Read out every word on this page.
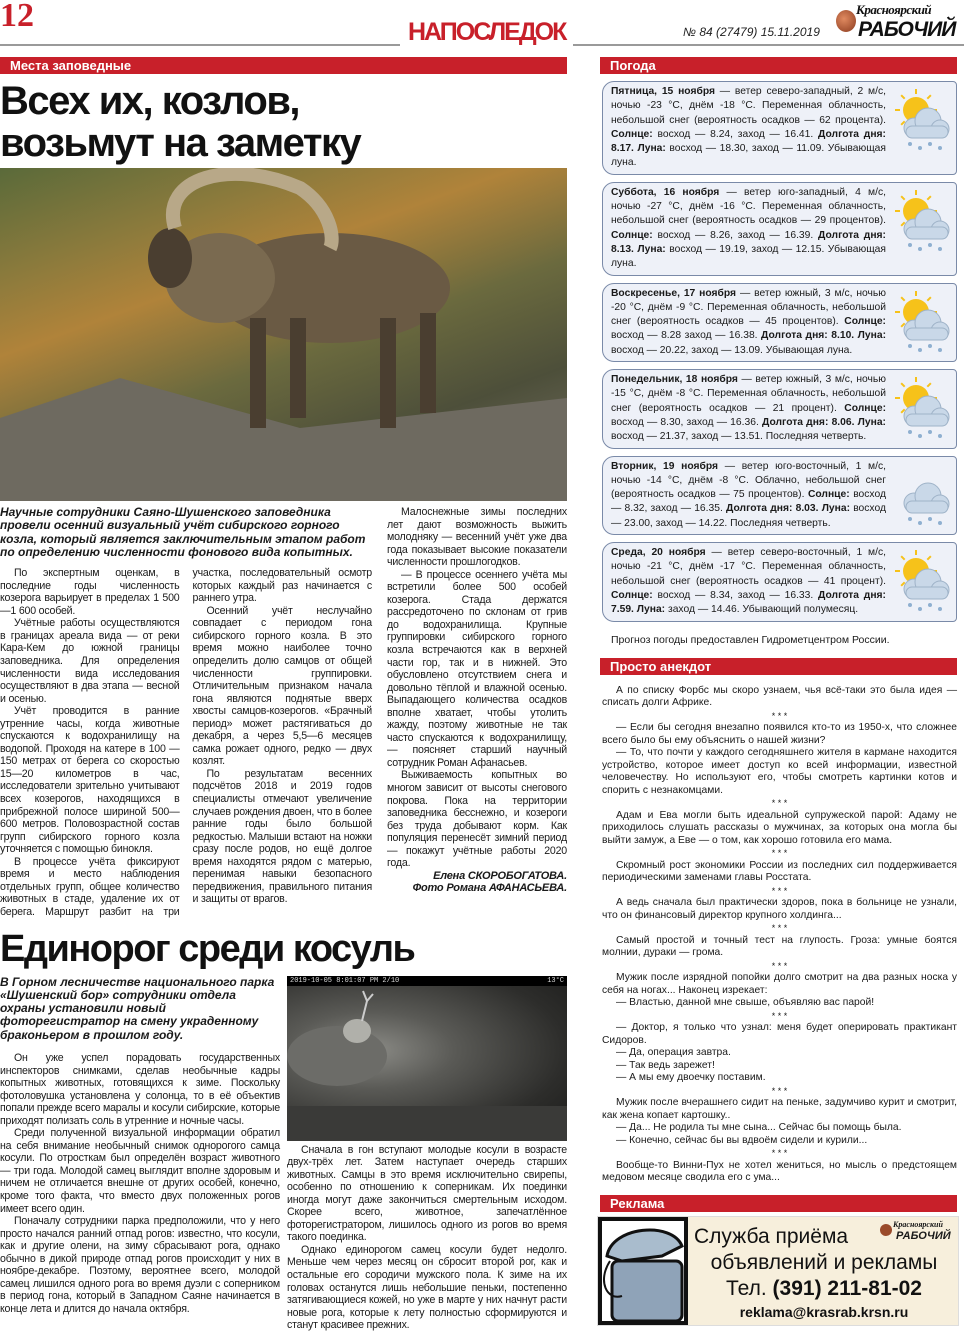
12	НАПОСЛЕДОК	№ 84 (27479) 15.11.2019
Красноярский
РАБОЧИЙ
Места заповедные
Всех их, козлов,
возьмут на заметку
Научные сотрудники Саяно-Шушенского заповедника провели осенний визуальный учёт сибирского горного козла, который является заключительным этапом работ по определению численности фонового вида копытных.

По экспертным оценкам, в последние годы численность козерога варьирует в пределах 1 500—1 600 особей.

Учётные работы осуществляются в границах ареала вида — от реки Кара-Кем до южной границы заповедника. Для определения численности вида исследования осуществляют в два этапа — весной и осенью.

Учёт проводится в ранние утренние часы, когда животные спускаются к водохранилищу на водопой. Проходя на катере в 100 —150 метрах от берега со скоростью 15—20 километров в час, исследователи зрительно учитывают всех козерогов, находящихся в прибрежной полосе шириной 500—600 метров. Половозрастной состав групп сибирского горного козла уточняется с помощью бинокля.

В процессе учёта фиксируют время и место наблюдения отдельных групп, общее количество животных в стаде, удаление их от берега. Маршрут разбит на три участка, последовательный осмотр которых каждый раз начинается с раннего утра.

Осенний учёт неслучайно совпадает с периодом гона сибирского горного козла. В это время можно наиболее точно определить долю самцов от общей численности группировки. Отличительным признаком начала гона являются поднятые вверх хвосты самцов-козерогов. «Брачный период» может растягиваться до декабря, а через 5,5—6 месяцев самка рожает одного, редко — двух козлят.

По результатам весенних подсчётов 2018 и 2019 годов специалисты отмечают увеличение случаев рождения двоен, что в более ранние годы было большой редкостью. Малыши встают на ножки сразу после родов, но ещё долгое время находятся рядом с матерью, перенимая навыки безопасного передвижения, правильного питания и защиты от врагов.

Малоснежные зимы последних лет дают возможность выжить молодняку — весенний учёт уже два года показывает высокие показатели численности прошлогодков.

— В процессе осеннего учёта мы встретили более 500 особей козерога. Стада держатся рассредоточено по склонам от грив до водохранилища. Крупные группировки сибирского горного козла встречаются как в верхней части гор, так и в нижней. Это обусловлено отсутствием снега и довольно тёплой и влажной осенью. Выпадающего количества осадков вполне хватает, чтобы утолить жажду, поэтому животные не так часто спускаются к водохранилищу,— поясняет старший научный сотрудник Роман Афанасьев.

Выживаемость копытных во многом зависит от высоты снегового покрова. Пока на территории заповедника бесснежно, и козероги без труда добывают корм. Как популяция перенесёт зимний период — покажут учётные работы 2020 года.

Елена СКОРОБОГАТОВА.
Фото Романа АФАНАСЬЕВА.
Единорог среди косуль
В Горном лесничестве национального парка «Шушенский бор» сотрудники отдела охраны установили новый фоторегистратор на смену украденному браконьером в прошлом году.

Он уже успел порадовать государственных инспекторов снимками, сделав необычные кадры копытных животных, готовящихся к зиме. Поскольку фотоловушка установлена у солонца, то в её объектив попали прежде всего маралы и косули сибирские, которые приходят полизать соль в утренние и ночные часы.

Среди полученной визуальной информации обратил на себя внимание необычный снимок однорогого самца косули. По отросткам был определён возраст животного — три года. Молодой самец выглядит вполне здоровым и ничем не отличается внешне от других особей, конечно, кроме того факта, что вместо двух положенных рогов имеет всего один.

Поначалу сотрудники парка предположили, что у него просто начался ранний отпад рогов: известно, что косули, как и другие олени, на зиму сбрасывают рога, однако обычно в дикой природе отпад рогов происходит у них в ноябре-декабре. Поэтому, вероятнее всего, молодой самец лишился одного рога во время дуэли с соперником в период гона, который в Западном Саяне начинается в конце лета и длится до начала октября.

2019-10-05 8:01:07 PM 2/10	13°C

Сначала в гон вступают молодые косули в возрасте двух-трёх лет. Затем наступает очередь старших животных. Самцы в это время исключительно свирепы, особенно по отношению к соперникам. Их поединки иногда могут даже закончиться смертельным исходом. Скорее всего, животное, запечатлённое фоторегистратором, лишилось одного из рогов во время такого поединка.

Однако единорогом самец косули будет недолго. Меньше чем через месяц он сбросит второй рог, как и остальные его сородичи мужского пола. К зиме на их головах останутся лишь небольшие пеньки, постепенно затягивающиеся кожей, но уже в марте у них начнут расти новые рога, которые к лету полностью сформируются и станут красивее прежних.

Погода
Пятница, 15 ноября — ветер северо-западный, 2 м/с, ночью -23 °С, днём -18 °С. Переменная облачность, небольшой снег (вероятность осадков — 62 процента). Солнце: восход — 8.24, заход — 16.41. Долгота дня: 8.17. Луна: восход — 18.30, заход — 11.09. Убывающая луна.
Суббота, 16 ноября — ветер юго-западный, 4 м/с, ночью -27 °С, днём -16 °С. Переменная облачность, небольшой снег (вероятность осадков — 29 процентов). Солнце: восход — 8.26, заход — 16.39. Долгота дня: 8.13. Луна: восход — 19.19, заход — 12.15. Убывающая луна.
Воскресенье, 17 ноября — ветер южный, 3 м/с, ночью -20 °С, днём -9 °С. Переменная облачность, небольшой снег (вероятность осадков — 45 процентов). Солнце: восход — 8.28 заход — 16.38. Долгота дня: 8.10. Луна: восход — 20.22, заход — 13.09. Убывающая луна.
Понедельник, 18 ноября — ветер южный, 3 м/с, ночью -15 °С, днём -8 °С. Переменная облачность, небольшой снег (вероятность осадков — 21 процент). Солнце: восход — 8.30, заход — 16.36. Долгота дня: 8.06. Луна: восход — 21.37, заход — 13.51. Последняя четверть.
Вторник, 19 ноября — ветер юго-восточный, 1 м/с, ночью -14 °С, днём -8 °С. Облачно, небольшой снег (вероятность осадков — 75 процентов). Солнце: восход — 8.32, заход — 16.35. Долгота дня: 8.03. Луна: восход — 23.00, заход — 14.22. Последняя четверть.
Среда, 20 ноября — ветер северо-восточный, 1 м/с, ночью -21 °С, днём -17 °С. Переменная облачность, небольшой снег (вероятность осадков — 41 процент). Солнце: восход — 8.34, заход — 16.33. Долгота дня: 7.59. Луна: заход — 14.46. Убывающий полумесяц.
Прогноз погоды предоставлен Гидрометцентром России.
Просто анекдот

А по списку Форбс мы скоро узнаем, чья всё-таки это была идея — списать долги Африке.

* * *

— Если бы сегодня внезапно появился кто-то из 1950-х, что сложнее всего было бы ему объяснить о нашей жизни?

— То, что почти у каждого сегодняшнего жителя в кармане находится устройство, которое имеет доступ ко всей информации, известной человечеству. Но используют его, чтобы смотреть картинки котов и спорить с незнакомцами.

* * *

Адам и Ева могли быть идеальной супружеской парой: Адаму не приходилось слушать рассказы о мужчинах, за которых она могла бы выйти замуж, а Еве — о том, как хорошо готовила его мама.

* * *

Скромный рост экономики России из последних сил поддерживается периодическими заменами главы Росстата.

* * *

А ведь сначала был практически здоров, пока в больнице не узнали, что он финансовый директор крупного холдинга...

* * *

Самый простой и точный тест на глупость. Гроза: умные боятся молнии, дураки — грома.

* * *

Мужик после изрядной попойки долго смотрит на два разных носка у себя на ногах... Наконец изрекает:

— Властью, данной мне свыше, объявляю вас парой!

* * *

— Доктор, я только что узнал: меня будет оперировать практикант Сидоров.

— Да, операция завтра.

— Так ведь зарежет!

— А мы ему двоечку поставим.

* * *

Мужик после вчерашнего сидит на пеньке, задумчиво курит и смотрит, как жена копает картошку..

— Да... Не родила ты мне сына... Сейчас бы помощь была.

— Конечно, сейчас бы вы вдвоём сидели и курили...

* * *

Вообще-то Винни-Пух не хотел жениться, но мысль о предстоящем медовом месяце сводила его с ума...

Реклама
Красноярский
РАБОЧИЙ
Служба приёма
объявлений и рекламы
Тел. (391) 211-81-02
reklama@krasrab.krsn.ru
